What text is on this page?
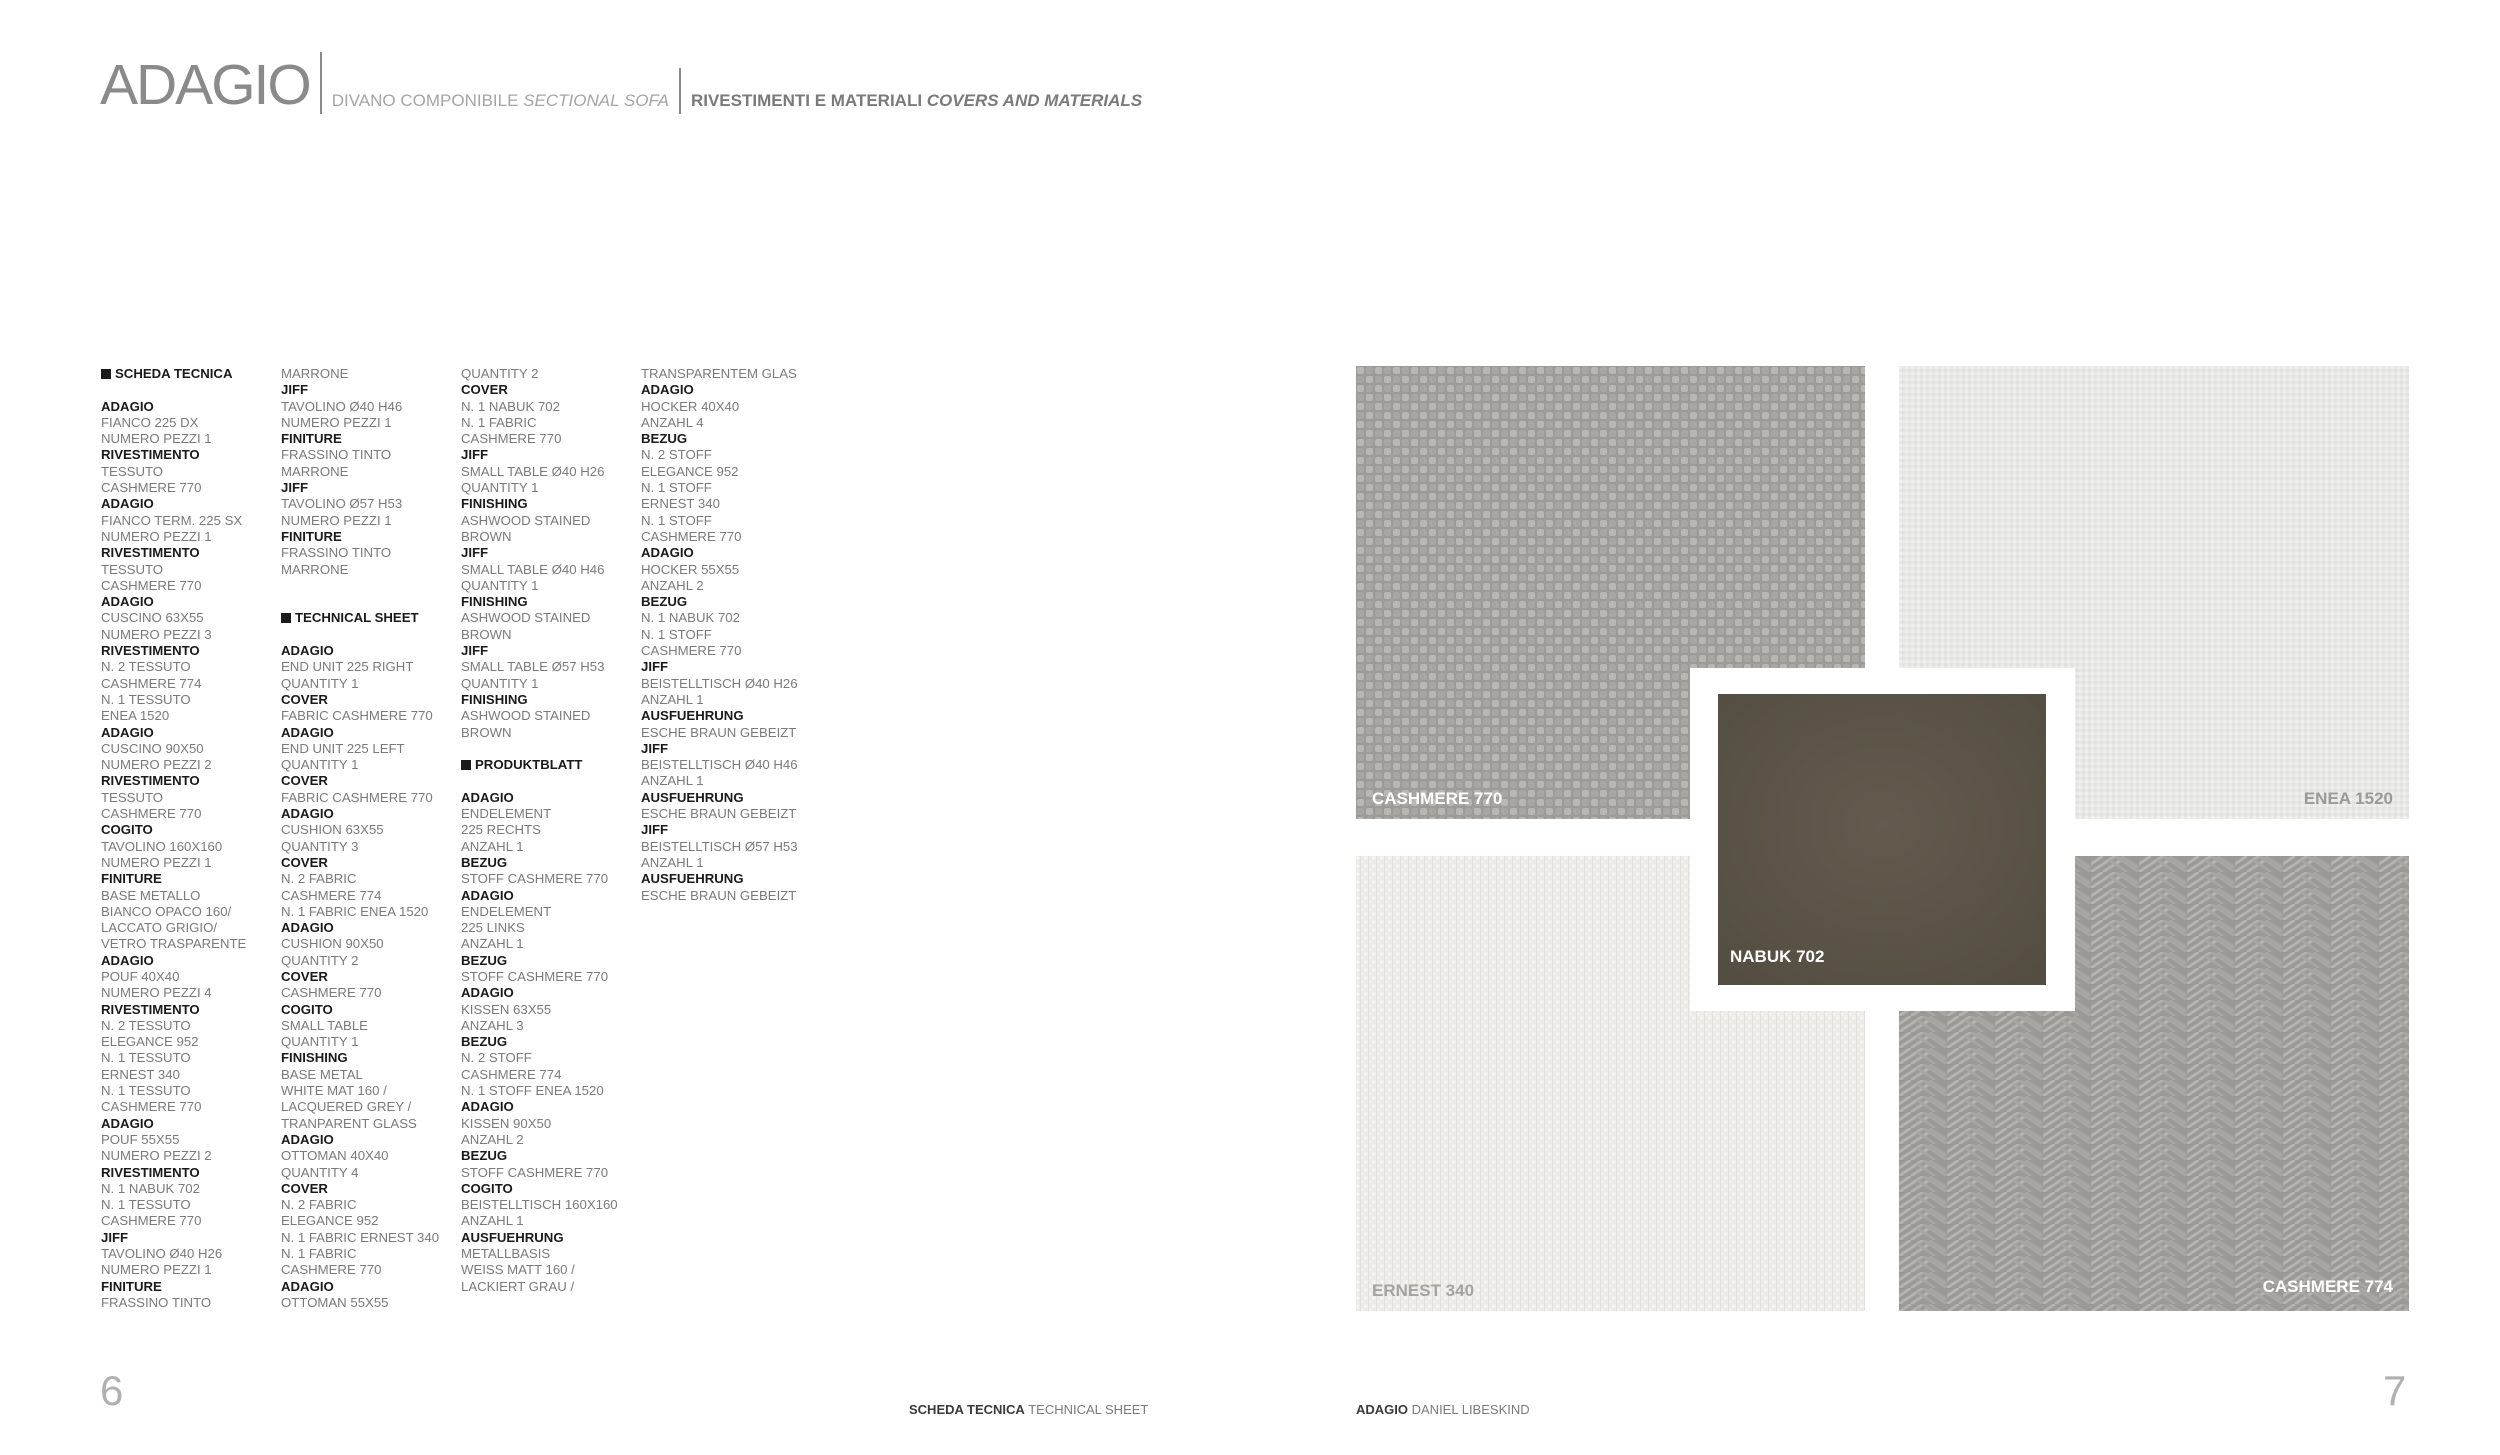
ADAGIO DIVANO COMPONIBILE SECTIONAL SOFA RIVESTIMENTI E MATERIALI COVERS AND MATERIALS
SCHEDA TECNICA
ADAGIO
FIANCO 225 DX
NUMERO PEZZI 1
RIVESTIMENTO
TESSUTO
CASHMERE 770
ADAGIO
FIANCO TERM. 225 SX
NUMERO PEZZI 1
RIVESTIMENTO
TESSUTO
CASHMERE 770
ADAGIO
CUSCINO 63X55
NUMERO PEZZI 3
RIVESTIMENTO
N. 2 TESSUTO
CASHMERE 774
N. 1 TESSUTO
ENEA 1520
ADAGIO
CUSCINO 90X50
NUMERO PEZZI 2
RIVESTIMENTO
TESSUTO
CASHMERE 770
COGITO
TAVOLINO 160X160
NUMERO PEZZI 1
FINITURE
BASE METALLO
BIANCO OPACO 160/
LACCATO GRIGIO/
VETRO TRASPARENTE
ADAGIO
POUF 40X40
NUMERO PEZZI 4
RIVESTIMENTO
N. 2 TESSUTO
ELEGANCE 952
N. 1 TESSUTO
ERNEST 340
N. 1 TESSUTO
CASHMERE 770
ADAGIO
POUF 55X55
NUMERO PEZZI 2
RIVESTIMENTO
N. 1 NABUK 702
N. 1 TESSUTO
CASHMERE 770
JIFF
TAVOLINO Ø40 H26
NUMERO PEZZI 1
FINITURE
FRASSINO TINTO
MARRONE
JIFF
TAVOLINO Ø40 H46
NUMERO PEZZI 1
FINITURE
FRASSINO TINTO
MARRONE
JIFF
TAVOLINO Ø57 H53
NUMERO PEZZI 1
FINITURE
FRASSINO TINTO
MARRONE
TECHNICAL SHEET
ADAGIO
END UNIT 225 RIGHT
QUANTITY 1
COVER
FABRIC CASHMERE 770
ADAGIO
END UNIT 225 LEFT
QUANTITY 1
COVER
FABRIC CASHMERE 770
ADAGIO
CUSHION 63X55
QUANTITY 3
COVER
N. 2 FABRIC
CASHMERE 774
N. 1 FABRIC ENEA 1520
ADAGIO
CUSHION 90X50
QUANTITY 2
COVER
CASHMERE 770
COGITO
SMALL TABLE
QUANTITY 1
FINISHING
BASE METAL
WHITE MAT 160 /
LACQUERED GREY /
TRANPARENT GLASS
ADAGIO
OTTOMAN 40X40
QUANTITY 4
COVER
N. 2 FABRIC
ELEGANCE 952
N. 1 FABRIC ERNEST 340
N. 1 FABRIC
CASHMERE 770
ADAGIO
OTTOMAN 55X55
QUANTITY 2
COVER
N. 1 NABUK 702
N. 1 FABRIC
CASHMERE 770
JIFF
SMALL TABLE Ø40 H26
QUANTITY 1
FINISHING
ASHWOOD STAINED
BROWN
JIFF
SMALL TABLE Ø40 H46
QUANTITY 1
FINISHING
ASHWOOD STAINED
BROWN
JIFF
SMALL TABLE Ø57 H53
QUANTITY 1
FINISHING
ASHWOOD STAINED
BROWN
PRODUKTBLATT
ADAGIO
ENDELEMENT
225 RECHTS
ANZAHL 1
BEZUG
STOFF CASHMERE 770
ADAGIO
ENDELEMENT
225 LINKS
ANZAHL 1
BEZUG
STOFF CASHMERE 770
ADAGIO
KISSEN 63X55
ANZAHL 3
BEZUG
N. 2 STOFF
CASHMERE 774
N. 1 STOFF ENEA 1520
ADAGIO
KISSEN 90X50
ANZAHL 2
BEZUG
STOFF CASHMERE 770
COGITO
BEISTELLTISCH 160X160
ANZAHL 1
AUSFUEHRUNG
METALLBASIS
WEISS MATT 160 /
LACKIERT GRAU /
TRANSPARENTEM GLAS
ADAGIO
HOCKER 40X40
ANZAHL 4
BEZUG
N. 2 STOFF
ELEGANCE 952
N. 1 STOFF
ERNEST 340
N. 1 STOFF
CASHMERE 770
ADAGIO
HOCKER 55X55
ANZAHL 2
BEZUG
N. 1 NABUK 702
N. 1 STOFF
CASHMERE 770
JIFF
BEISTELLTISCH Ø40 H26
ANZAHL 1
AUSFUEHRUNG
ESCHE BRAUN GEBEIZT
JIFF
BEISTELLTISCH Ø40 H46
ANZAHL 1
AUSFUEHRUNG
ESCHE BRAUN GEBEIZT
JIFF
BEISTELLTISCH Ø57 H53
ANZAHL 1
AUSFUEHRUNG
ESCHE BRAUN GEBEIZT
CASHMERE 770	ENEA 1520
ERNEST 340	CASHMERE 774
NABUK 702
6	7
SCHEDA TECNICA TECHNICAL SHEET	ADAGIO DANIEL LIBESKIND
